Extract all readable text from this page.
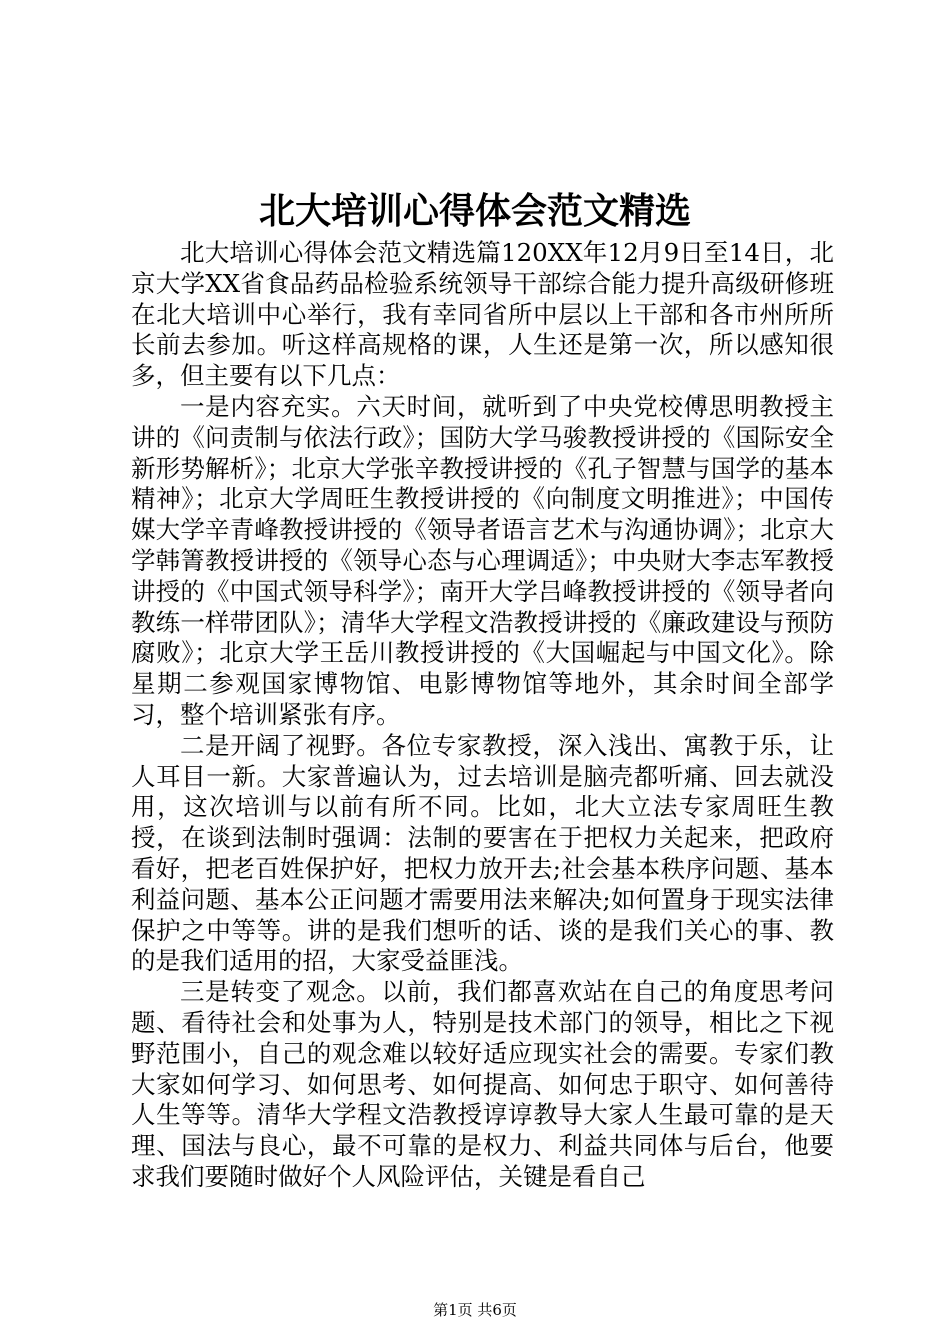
北大培训心得体会范文精选

北大培训心得体会范文精选篇120XX年12月9日至14日，北京大学XX省食品药品检验系统领导干部综合能力提升高级研修班在北大培训中心举行，我有幸同省所中层以上干部和各市州所所长前去参加。听这样高规格的课，人生还是第一次，所以感知很多，但主要有以下几点：

一是内容充实。六天时间，就听到了中央党校傅思明教授主讲的《问责制与依法行政》；国防大学马骏教授讲授的《国际安全新形势解析》；北京大学张辛教授讲授的《孔子智慧与国学的基本精神》；北京大学周旺生教授讲授的《向制度文明推进》；中国传媒大学辛青峰教授讲授的《领导者语言艺术与沟通协调》；北京大学韩箐教授讲授的《领导心态与心理调适》；中央财大李志军教授讲授的《中国式领导科学》；南开大学吕峰教授讲授的《领导者向教练一样带团队》；清华大学程文浩教授讲授的《廉政建设与预防腐败》；北京大学王岳川教授讲授的《大国崛起与中国文化》。除星期二参观国家博物馆、电影博物馆等地外，其余时间全部学习，整个培训紧张有序。

二是开阔了视野。各位专家教授，深入浅出、寓教于乐，让人耳目一新。大家普遍认为，过去培训是脑壳都听痛、回去就没用，这次培训与以前有所不同。比如，北大立法专家周旺生教授，在谈到法制时强调：法制的要害在于把权力关起来，把政府看好，把老百姓保护好，把权力放开去;社会基本秩序问题、基本利益问题、基本公正问题才需要用法来解决;如何置身于现实法律保护之中等等。讲的是我们想听的话、谈的是我们关心的事、教的是我们适用的招，大家受益匪浅。

三是转变了观念。以前，我们都喜欢站在自己的角度思考问题、看待社会和处事为人，特别是技术部门的领导，相比之下视野范围小，自己的观念难以较好适应现实社会的需要。专家们教大家如何学习、如何思考、如何提高、如何忠于职守、如何善待人生等等。清华大学程文浩教授谆谆教导大家人生最可靠的是天理、国法与良心，最不可靠的是权力、利益共同体与后台，他要求我们要随时做好个人风险评估，关键是看自己

第1页 共6页
